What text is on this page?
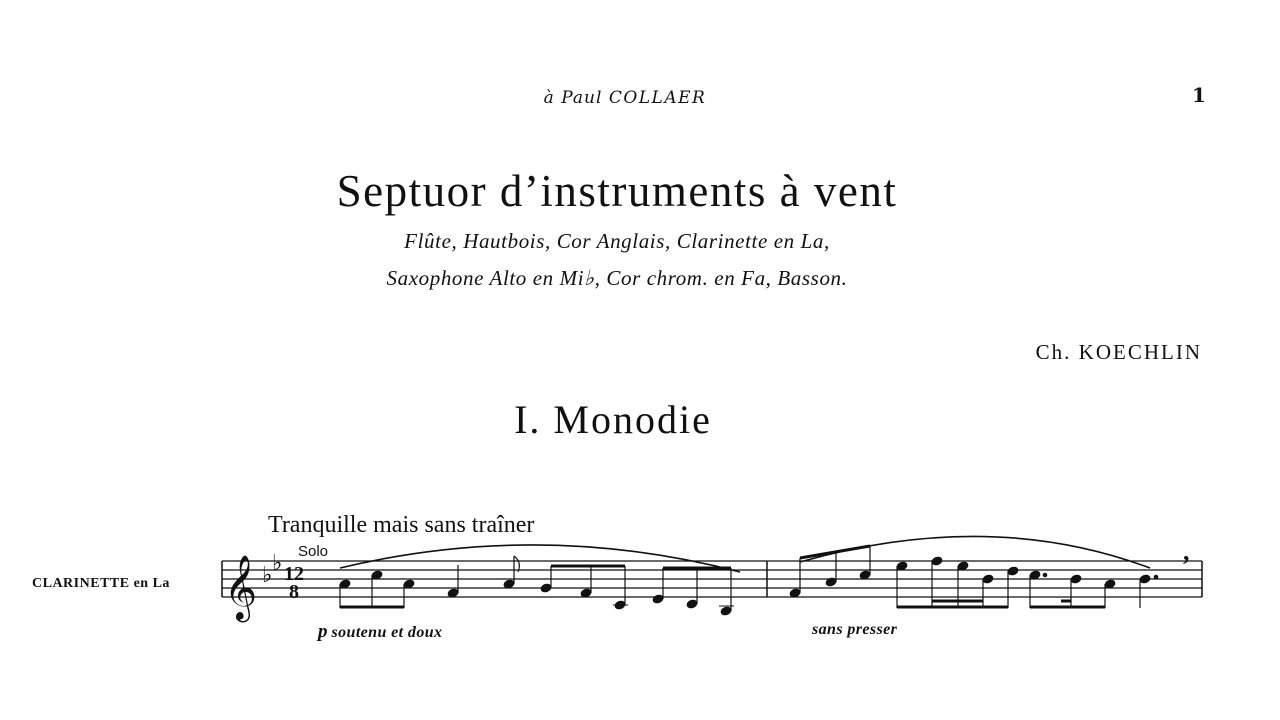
à Paul COLLAER	1
Septuor d’instruments à vent
Flûte, Hautbois, Cor Anglais, Clarinette en La,
Saxophone Alto en Mi♭, Cor chrom. en Fa, Basson.
Ch. KOECHLIN
I. Monodie
Tranquille mais sans traîner
Solo
CLARINETTE en La
p soutenu et doux	sans presser
𝄞 ♭ ♭ 12
8
,
